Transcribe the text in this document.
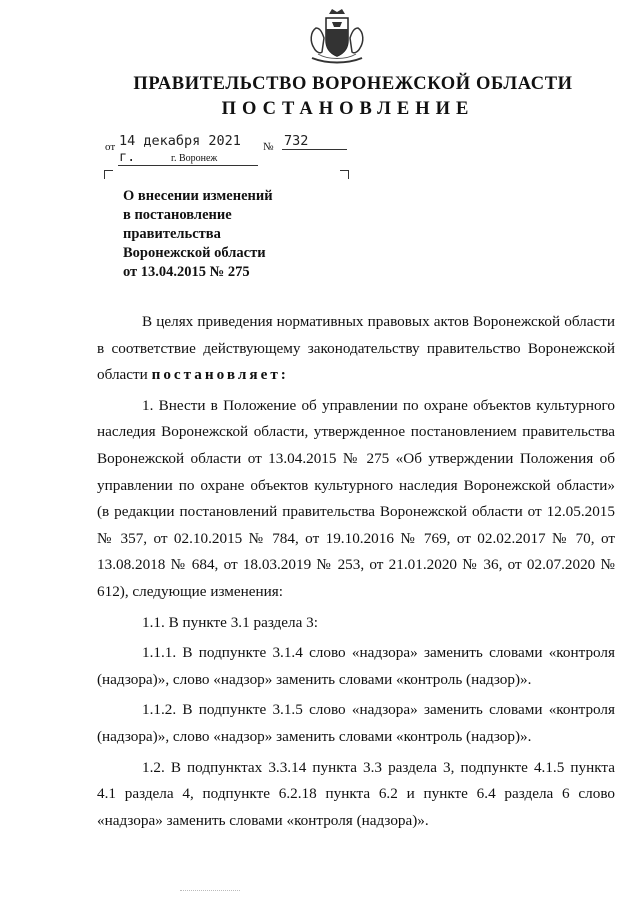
ПРАВИТЕЛЬСТВО ВОРОНЕЖСКОЙ ОБЛАСТИ
ПОСТАНОВЛЕНИЕ
от 14 декабря 2021 г.
№ 732
г. Воронеж
О внесении изменений
в постановление
правительства
Воронежской области
от 13.04.2015 № 275

В целях приведения нормативных правовых актов Воронежской области в соответствие действующему законодательству правительство Воронежской области постановляет:

1. Внести в Положение об управлении по охране объектов культурного наследия Воронежской области, утвержденное постановлением правительства Воронежской области от 13.04.2015 № 275 «Об утверждении Положения об управлении по охране объектов культурного наследия Воронежской области» (в редакции постановлений правительства Воронежской области от 12.05.2015 № 357, от 02.10.2015 № 784, от 19.10.2016 № 769, от 02.02.2017 № 70, от 13.08.2018 № 684, от 18.03.2019 № 253, от 21.01.2020 № 36, от 02.07.2020 № 612), следующие изменения:

1.1. В пункте 3.1 раздела 3:

1.1.1. В подпункте 3.1.4 слово «надзора» заменить словами «контроля (надзора)», слово «надзор» заменить словами «контроль (надзор)».

1.1.2. В подпункте 3.1.5 слово «надзора» заменить словами «контроля (надзора)», слово «надзор» заменить словами «контроль (надзор)».

1.2. В подпунктах 3.3.14 пункта 3.3 раздела 3, подпункте 4.1.5 пункта 4.1 раздела 4, подпункте 6.2.18 пункта 6.2 и пункте 6.4 раздела 6 слово «надзора» заменить словами «контроля (надзора)».
